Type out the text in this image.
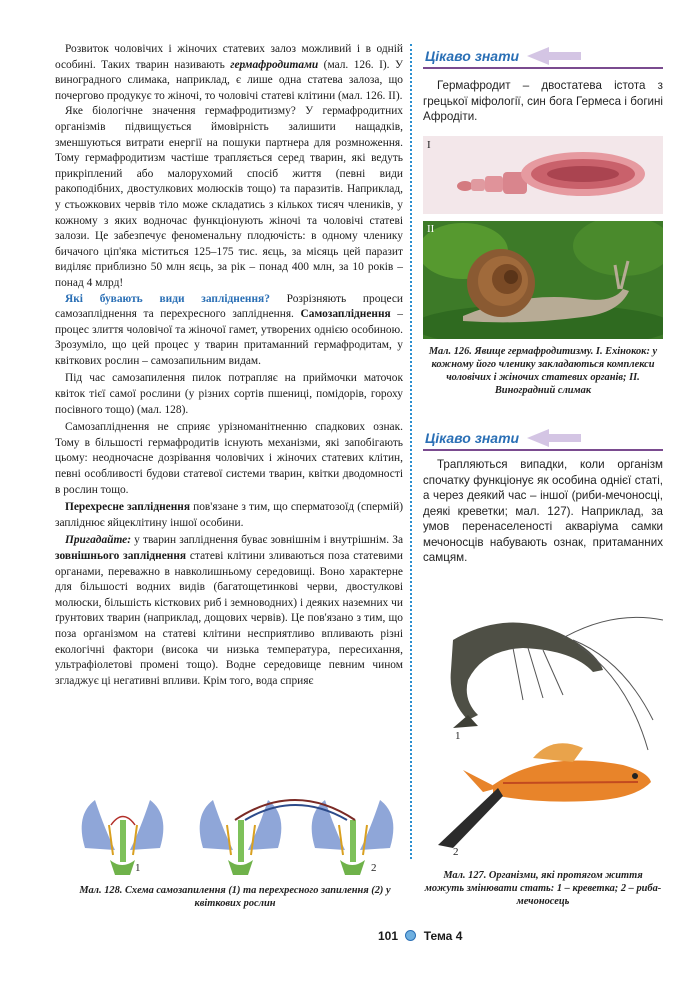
Розвиток чоловічих і жіночих статевих залоз можливий і в одній особині. Таких тварин називають гермафродитами (мал. 126. І). У виноградного слимака, наприклад, є лише одна статева залоза, що почергово продукує то жіночі, то чоловічі статеві клітини (мал. 126. ІІ).

Яке біологічне значення гермафродитизму? У гермафродитних організмів підвищується ймовірність залишити нащадків, зменшуються витрати енергії на пошуки партнера для розмноження. Тому гермафродитизм частіше трапляється серед тварин, які ведуть прикріплений або малорухомий спосіб життя (певні види ракоподібних, двостулкових молюсків тощо) та паразитів. Наприклад, у стьожкових червів тіло може складатись з кількох тисяч члеників, у кожному з яких водночас функціонують жіночі та чоловічі статеві залози. Це забезпечує феноменальну плодючість: в одному членику бичачого ціп'яка міститься 125–175 тис. яєць, за місяць цей паразит виділяє приблизно 50 млн яєць, за рік – понад 400 млн, за 10 років – понад 4 млрд!

Які бувають види запліднення? Розрізняють процеси самозапліднення та перехресного запліднення. Самозапліднення – процес злиття чоловічої та жіночої гамет, утворених однією особиною. Зрозуміло, що цей процес у тварин притаманний гермафродитам, у квіткових рослин – самозапильним видам.

Під час самозапилення пилок потрапляє на приймочки маточок квіток тієї самої рослини (у різних сортів пшениці, помідорів, гороху посівного тощо) (мал. 128).

Самозапліднення не сприяє урізноманітненню спадкових ознак. Тому в більшості гермафродитів існують механізми, які запобігають цьому: неодночасне дозрівання чоловічих і жіночих статевих клітин, певні особливості будови статевої системи тварин, квітки дводомності в рослин тощо.

Перехресне запліднення пов'язане з тим, що сперматозоїд (спермій) запліднює яйцеклітину іншої особини.

Пригадайте: у тварин запліднення буває зовнішнім і внутрішнім. За зовнішнього запліднення статеві клітини зливаються поза статевими органами, переважно в навколишньому середовищі. Воно характерне для більшості водних видів (багатощетинкові черви, двостулкові молюски, більшість кісткових риб і земноводних) і деяких наземних чи ґрунтових тварин (наприклад, дощових червів). Це пов'язано з тим, що поза організмом на статеві клітини несприятливо впливають різні екологічні фактори (висока чи низька температура, пересихання, ультрафіолетові промені тощо). Водне середовище певним чином згладжує ці негативні впливи. Крім того, вода сприяє

Цікаво знати

Гермафродит – двостатева істота з грецької міфології, син бога Гермеса і богині Афродіти.

I
II
Мал. 126. Явище гермафродитизму. І. Ехінокок: у кожному його членику закладаються комплекси чоловічих і жіночих статевих органів; ІІ. Виноградний слимак
Цікаво знати

Трапляються випадки, коли організм спочатку функціонує як особина однієї статі, а через деякий час – іншої (риби-мечоносці, деякі креветки; мал. 127). Наприклад, за умов перенаселеності акваріума самки мечоносців набувають ознак, притаманних самцям.

1
2
Мал. 127. Організми, які протягом життя можуть змінювати стать: 1 – креветка; 2 – риба-мечоносець
1	2
Мал. 128. Схема самозапилення (1) та перехресного запилення (2) у квіткових рослин
101 Тема 4
